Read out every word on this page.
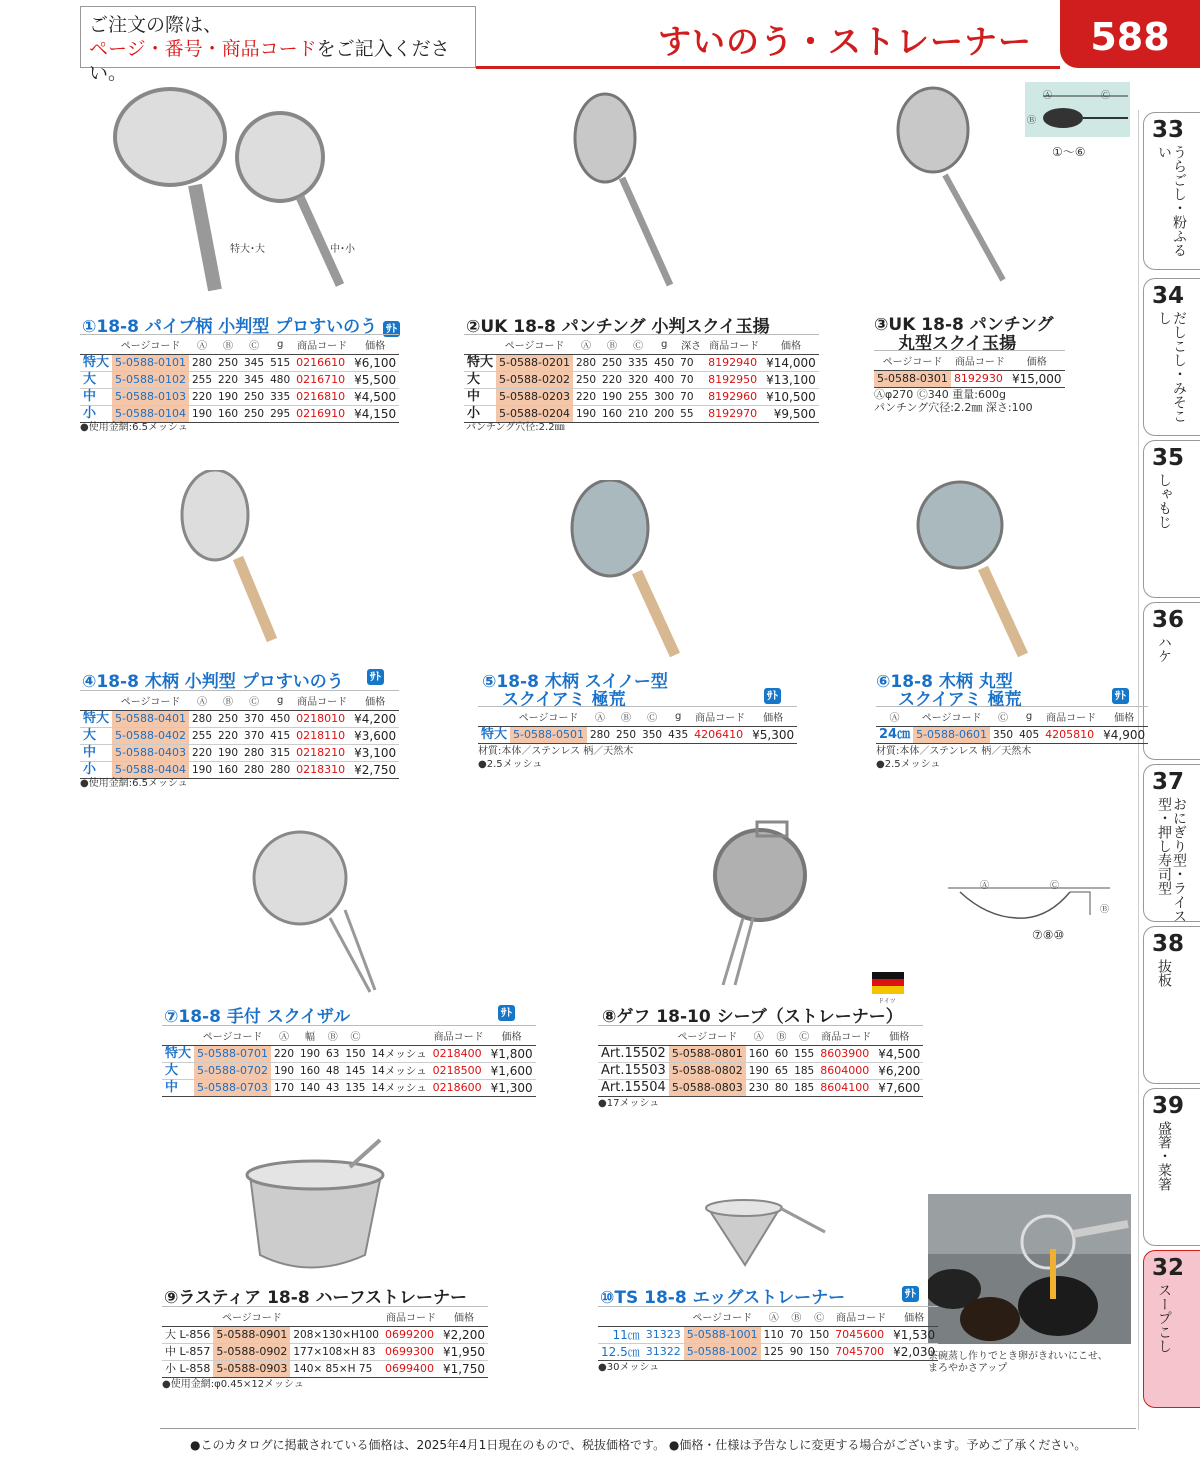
ご注文の際は、
ページ・番号・商品コードをご記入ください。
すいのう・ストレーナー	588
33
うらごし・粉ふるい
34
だしこし・みそこし
35
しゃもじ
36
ハケ
37
おにぎり型・ライス型・押し寿司型
38
抜板
39
盛箸・菜箸
32
スープこし
特大･大	中･小
Ⓐ	Ⓒ
Ⓑ
①〜⑥
ドイツ
Ⓐ	Ⓒ
Ⓑ
⑦⑧⑩
①18-8 パイプ柄 小判型 プロすいのう ｻﾄ
	ページコード	Ⓐ	Ⓑ	Ⓒ	g	商品コード	価格
特大	5-0588-0101	280	250	345	515	0216610	¥6,100
大	5-0588-0102	255	220	345	480	0216710	¥5,500
中	5-0588-0103	220	190	250	335	0216810	¥4,500
小	5-0588-0104	190	160	250	295	0216910	¥4,150
●使用金網:6.5メッシュ
②UK 18-8 パンチング 小判スクイ玉揚
	ページコード	Ⓐ	Ⓑ	Ⓒ	g	深さ	商品コード	価格
特大	5-0588-0201	280	250	335	450	70	8192940	¥14,000
大	5-0588-0202	250	220	320	400	70	8192950	¥13,100
中	5-0588-0203	220	190	255	300	70	8192960	¥10,500
小	5-0588-0204	190	160	210	200	55	8192970	¥9,500
パンチング穴径:2.2㎜
③UK 18-8 パンチング
丸型スクイ玉揚
ページコード	商品コード	価格
5-0588-0301	8192930	¥15,000
Ⓐφ270 Ⓒ340 重量:600g
パンチング穴径:2.2㎜ 深さ:100
④18-8 木柄 小判型 プロすいのう ｻﾄ
	ページコード	Ⓐ	Ⓑ	Ⓒ	g	商品コード	価格
特大	5-0588-0401	280	250	370	450	0218010	¥4,200
大	5-0588-0402	255	220	370	415	0218110	¥3,600
中	5-0588-0403	220	190	280	315	0218210	¥3,100
小	5-0588-0404	190	160	280	280	0218310	¥2,750
●使用金網:6.5メッシュ
⑤18-8 木柄 スイノー型
スクイアミ 極荒	ｻﾄ
	ページコード	Ⓐ	Ⓑ	Ⓒ	g	商品コード	価格
特大	5-0588-0501	280	250	350	435	4206410	¥5,300
材質:本体／ステンレス 柄／天然木
●2.5メッシュ
⑥18-8 木柄 丸型
スクイアミ 極荒	ｻﾄ
Ⓐ	ページコード	Ⓒ	g	商品コード	価格
24㎝	5-0588-0601	350	405	4205810	¥4,900
材質:本体／ステンレス 柄／天然木
●2.5メッシュ
⑦18-8 手付 スクイザル	ｻﾄ
	ページコード	Ⓐ	幅	Ⓑ	Ⓒ		商品コード	価格
特大	5-0588-0701	220	190	63	150	14メッシュ	0218400	¥1,800
大	5-0588-0702	190	160	48	145	14メッシュ	0218500	¥1,600
中	5-0588-0703	170	140	43	135	14メッシュ	0218600	¥1,300
⑧ゲフ 18-10 シーブ（ストレーナー）
	ページコード	Ⓐ	Ⓑ	Ⓒ	商品コード	価格
Art.15502	5-0588-0801	160	60	155	8603900	¥4,500
Art.15503	5-0588-0802	190	65	185	8604000	¥6,200
Art.15504	5-0588-0803	230	80	185	8604100	¥7,600
●17メッシュ
⑨ラスティア 18-8 ハーフストレーナー
	ページコード		商品コード	価格
大 L-856	5-0588-0901	208×130×H100	0699200	¥2,200
中 L-857	5-0588-0902	177×108×H 83	0699300	¥1,950
小 L-858	5-0588-0903	140× 85×H 75	0699400	¥1,750
●使用金網:φ0.45×12メッシュ
⑩TS 18-8 エッグストレーナー	ｻﾄ
		ページコード	Ⓐ	Ⓑ	Ⓒ	商品コード	価格
11㎝	31323	5-0588-1001	110	70	150	7045600	¥1,530
12.5㎝	31322	5-0588-1002	125	90	150	7045700	¥2,030
●30メッシュ
茶碗蒸し作りでとき卵がきれいにこせ、
まろやかさアップ
●このカタログに掲載されている価格は、2025年4月1日現在のもので、税抜価格です。 ●価格・仕様は予告なしに変更する場合がございます。予めご了承ください。
